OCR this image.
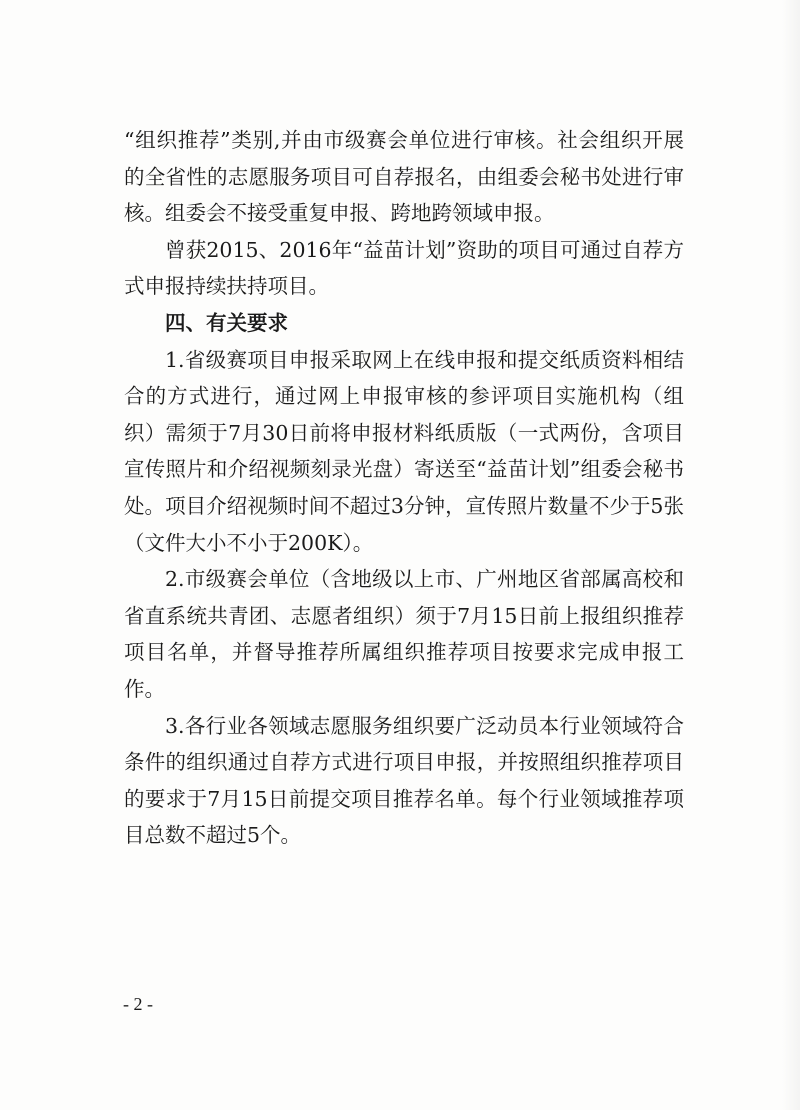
“组织推荐”类别,并由市级赛会单位进行审核。社会组织开展的全省性的志愿服务项目可自荐报名，由组委会秘书处进行审核。组委会不接受重复申报、跨地跨领域申报。

曾获2015、2016年“益苗计划”资助的项目可通过自荐方式申报持续扶持项目。

四、有关要求

1.省级赛项目申报采取网上在线申报和提交纸质资料相结合的方式进行，通过网上申报审核的参评项目实施机构（组织）需须于7月30日前将申报材料纸质版（一式两份，含项目宣传照片和介绍视频刻录光盘）寄送至“益苗计划”组委会秘书处。项目介绍视频时间不超过3分钟，宣传照片数量不少于5张（文件大小不小于200K）。

2.市级赛会单位（含地级以上市、广州地区省部属高校和省直系统共青团、志愿者组织）须于7月15日前上报组织推荐项目名单，并督导推荐所属组织推荐项目按要求完成申报工作。

3.各行业各领域志愿服务组织要广泛动员本行业领域符合条件的组织通过自荐方式进行项目申报，并按照组织推荐项目的要求于7月15日前提交项目推荐名单。每个行业领域推荐项目总数不超过5个。

- 2 -
